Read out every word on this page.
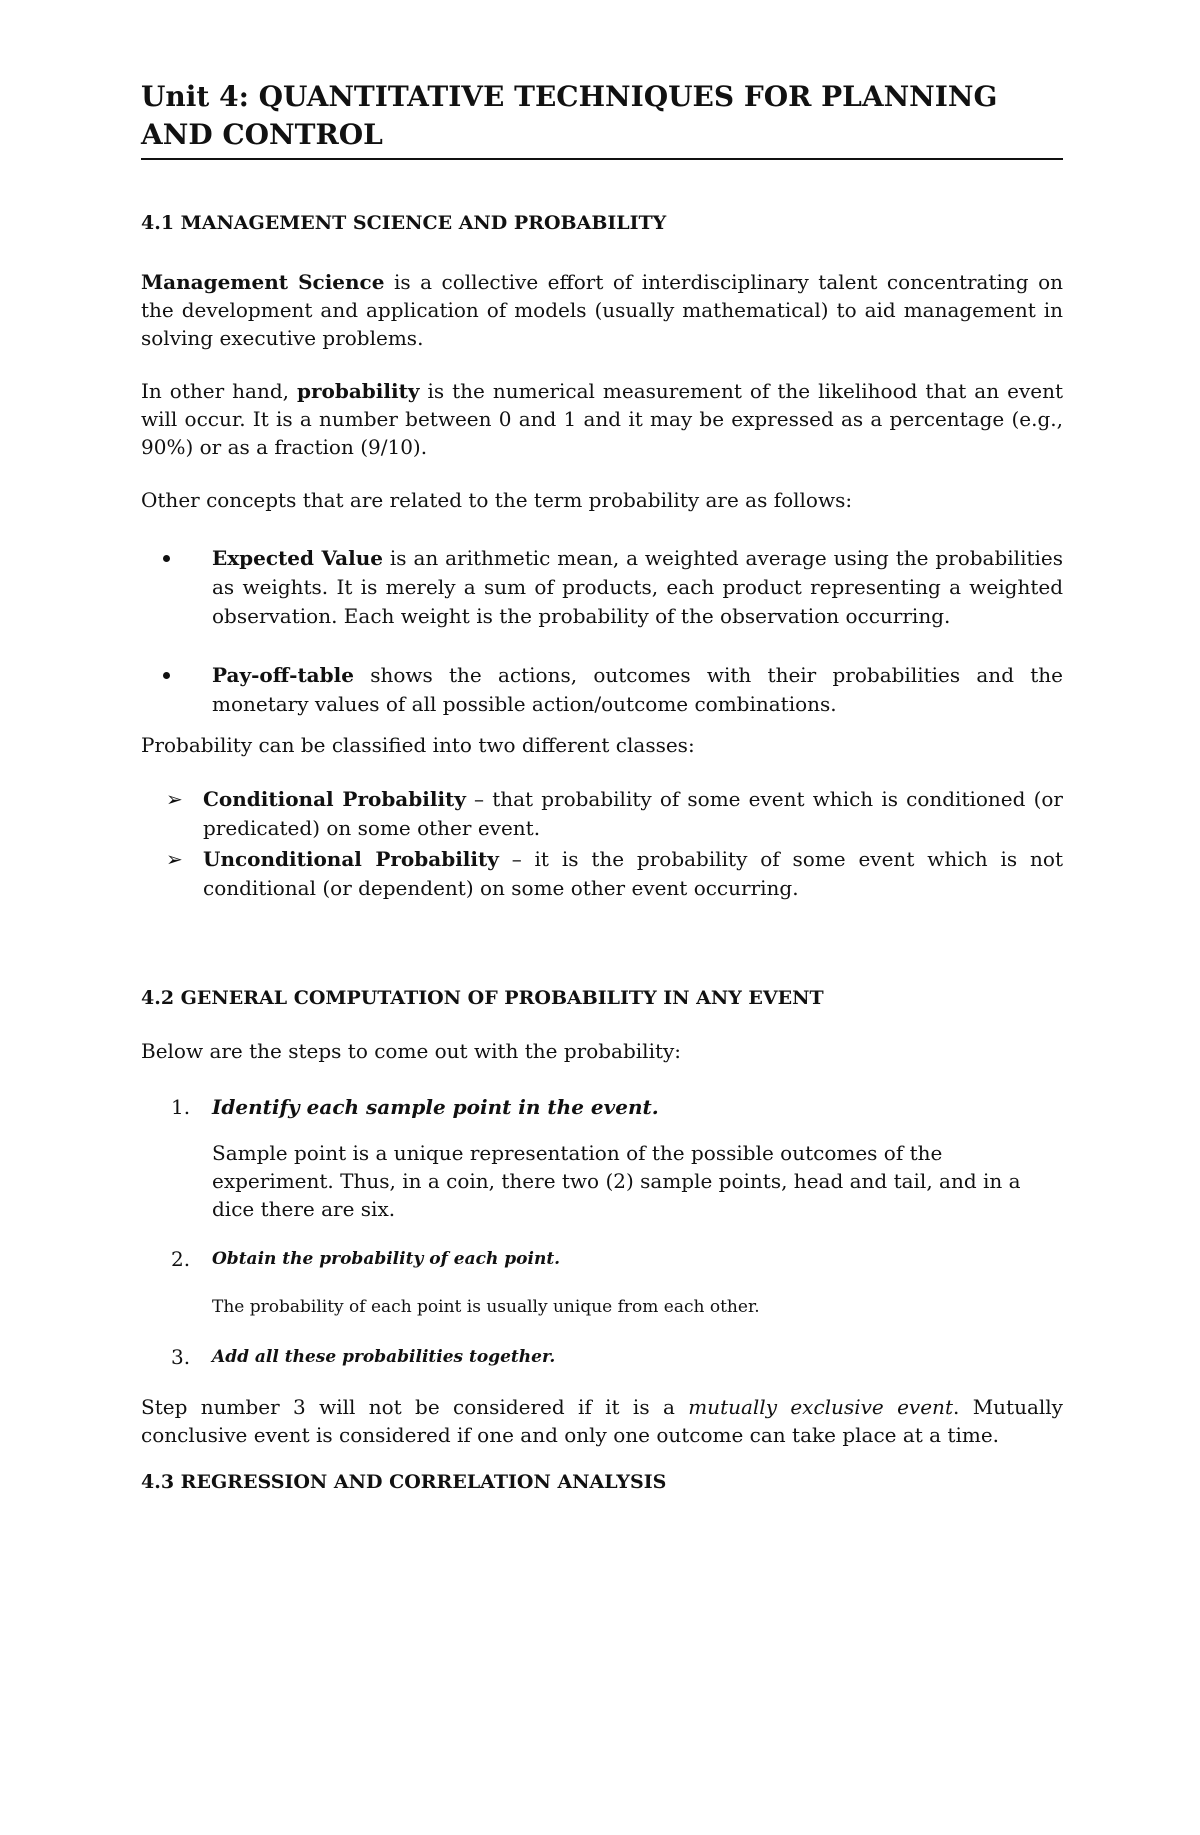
Unit 4: QUANTITATIVE TECHNIQUES FOR PLANNING AND CONTROL
4.1 MANAGEMENT SCIENCE AND PROBABILITY

Management Science is a collective effort of interdisciplinary talent concentrating on the development and application of models (usually mathematical) to aid management in solving executive problems.

In other hand, probability is the numerical measurement of the likelihood that an event will occur. It is a number between 0 and 1 and it may be expressed as a percentage (e.g., 90%) or as a fraction (9/10).

Other concepts that are related to the term probability are as follows:

Expected Value is an arithmetic mean, a weighted average using the probabilities as weights. It is merely a sum of products, each product representing a weighted observation. Each weight is the probability of the observation occurring.
Pay-off-table shows the actions, outcomes with their probabilities and the monetary values of all possible action/outcome combinations.

Probability can be classified into two different classes:

➢ Conditional Probability – that probability of some event which is conditioned (or predicated) on some other event.
➢ Unconditional Probability – it is the probability of some event which is not conditional (or dependent) on some other event occurring.
4.2 GENERAL COMPUTATION OF PROBABILITY IN ANY EVENT

Below are the steps to come out with the probability:

1. Identify each sample point in the event.
Sample point is a unique representation of the possible outcomes of the experiment. Thus, in a coin, there two (2) sample points, head and tail, and in a dice there are six.
2. Obtain the probability of each point.
The probability of each point is usually unique from each other.
3. Add all these probabilities together.

Step number 3 will not be considered if it is a mutually exclusive event. Mutually conclusive event is considered if one and only one outcome can take place at a time.

4.3 REGRESSION AND CORRELATION ANALYSIS
